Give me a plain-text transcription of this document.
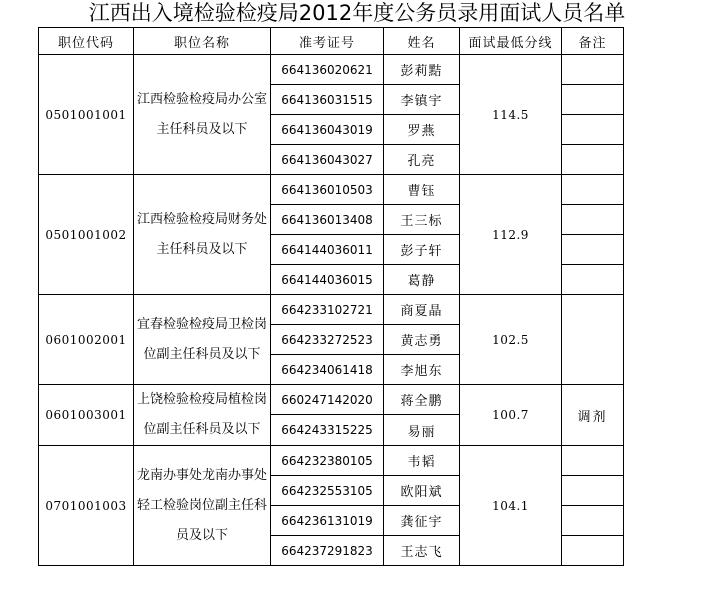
江西出入境检验检疫局2012年度公务员录用面试人员名单
职位代码	职位名称	准考证号	姓名	面试最低分线	备注
0501001001	江西检验检疫局办公室主任科员及以下	664136020621	彭莉黠	114.5	
		664136031515	李镇宇		
		664136043019	罗燕		
		664136043027	孔亮		
0501001002	江西检验检疫局财务处主任科员及以下	664136010503	曹钰	112.9	
		664136013408	王三标		
		664144036011	彭子轩		
		664144036015	葛静		
0601002001	宜春检验检疫局卫检岗位副主任科员及以下	664233102721	商夏晶	102.5	
		664233272523	黄志勇		
		664234061418	李旭东		
0601003001	上饶检验检疫局植检岗位副主任科员及以下	660247142020	蒋全鹏	100.7	调剂
		664243315225	易丽		

0701001003	龙南办事处龙南办事处轻工检验岗位副主任科员及以下	664232380105	韦韬	104.1	
		664232553105	欧阳斌		
		664236131019	龚征宇		
		664237291823	王志飞		
